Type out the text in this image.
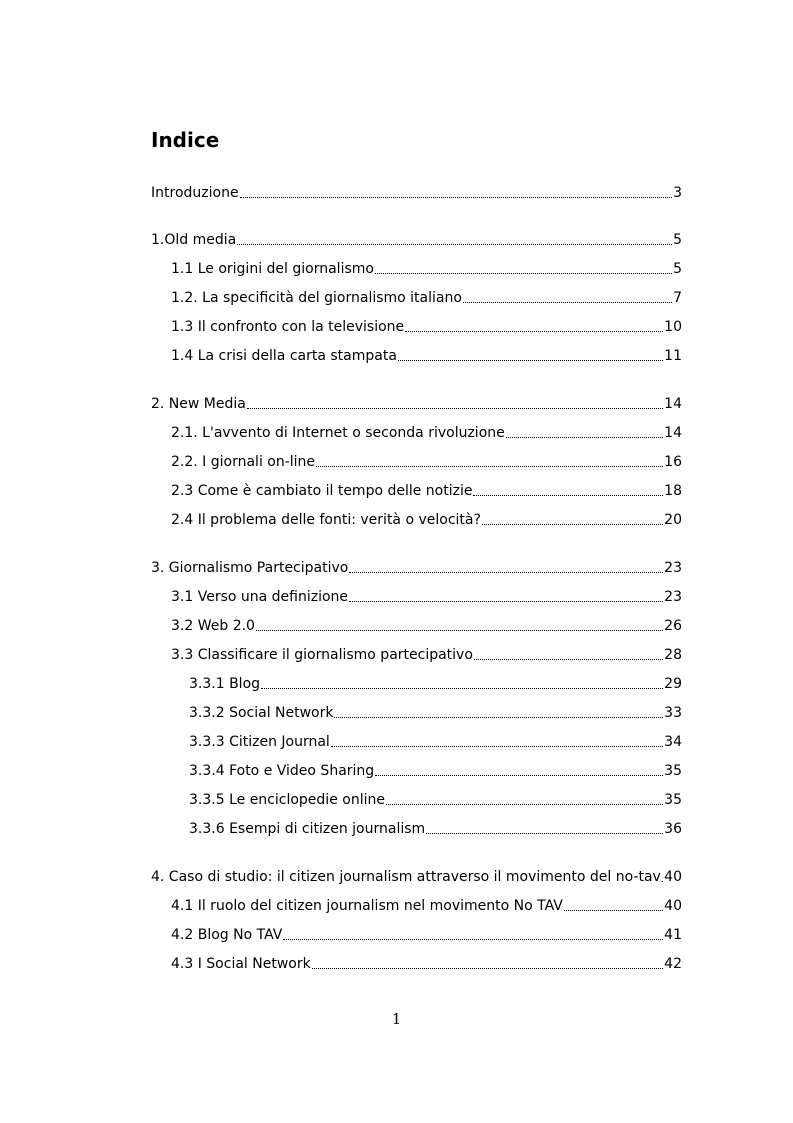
Indice
Introduzione	3
1.Old media	5
1.1 Le origini del giornalismo	5
1.2. La specificità del giornalismo italiano	7
1.3 Il confronto con la televisione	10
1.4 La crisi della carta stampata	11
2. New Media	14
2.1. L'avvento di Internet o seconda rivoluzione	14
2.2. I giornali on-line	16
2.3 Come è cambiato il tempo delle notizie	18
2.4 Il problema delle fonti: verità o velocità?	20
3. Giornalismo Partecipativo	23
3.1 Verso una definizione	23
3.2 Web 2.0	26
3.3 Classificare il giornalismo partecipativo	28
3.3.1 Blog	29
3.3.2 Social Network	33
3.3.3 Citizen Journal	34
3.3.4 Foto e Video Sharing	35
3.3.5 Le enciclopedie online	35
3.3.6 Esempi di citizen journalism	36
4. Caso di studio: il citizen journalism attraverso il movimento del no-tav 40
4.1 Il ruolo del citizen journalism nel movimento No TAV	40
4.2 Blog No TAV	41
4.3 I Social Network	42
1
